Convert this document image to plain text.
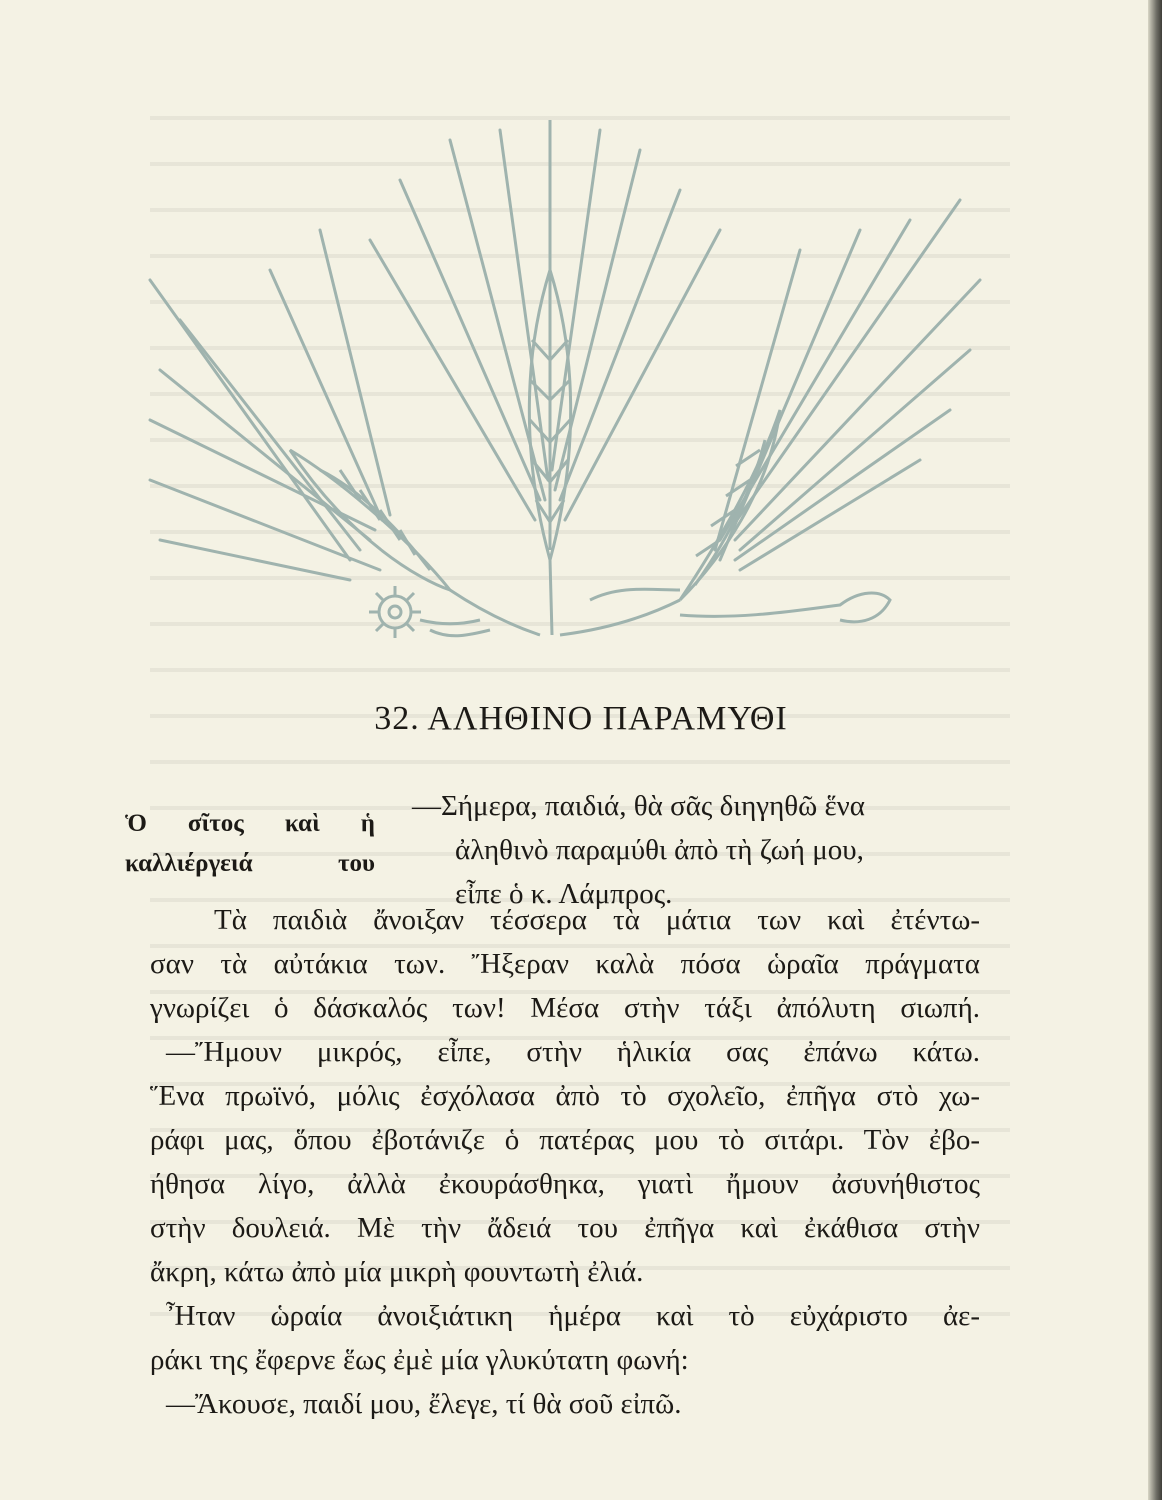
32. ΑΛΗΘΙΝΟ ΠΑΡΑΜΥΘΙ
Ὁ σῖτος καὶ ἡ
καλλιέργειά του
—Σήμερα, παιδιά, θὰ σᾶς διηγηθῶ ἕνα
ἀληθινὸ παραμύθι ἀπὸ τὴ ζωή μου,
εἶπε ὁ κ. Λάμπρος.
Τὰ παιδιὰ ἄνοιξαν τέσσερα τὰ μάτια των καὶ ἐτέντω-
σαν τὰ αὐτάκια των. Ἤξεραν καλὰ πόσα ὡραῖα πράγματα
γνωρίζει ὁ δάσκαλός των! Μέσα στὴν τάξι ἀπόλυτη σιωπή.
—Ἤμουν μικρός, εἶπε, στὴν ἡλικία σας ἐπάνω κάτω.
Ἕνα πρωϊνό, μόλις ἐσχόλασα ἀπὸ τὸ σχολεῖο, ἐπῆγα στὸ χω-
ράφι μας, ὅπου ἐβοτάνιζε ὁ πατέρας μου τὸ σιτάρι. Τὸν ἐβο-
ήθησα λίγο, ἀλλὰ ἐκουράσθηκα, γιατὶ ἤμουν ἀσυνήθιστος
στὴν δουλειά. Μὲ τὴν ἄδειά του ἐπῆγα καὶ ἐκάθισα στὴν
ἄκρη, κάτω ἀπὸ μία μικρὴ φουντωτὴ ἐλιά.
Ἦταν ὡραία ἀνοιξιάτικη ἡμέρα καὶ τὸ εὐχάριστο ἀε-
ράκι της ἔφερνε ἕως ἐμὲ μία γλυκύτατη φωνή:
—Ἄκουσε, παιδί μου, ἔλεγε, τί θὰ σοῦ εἰπῶ.
